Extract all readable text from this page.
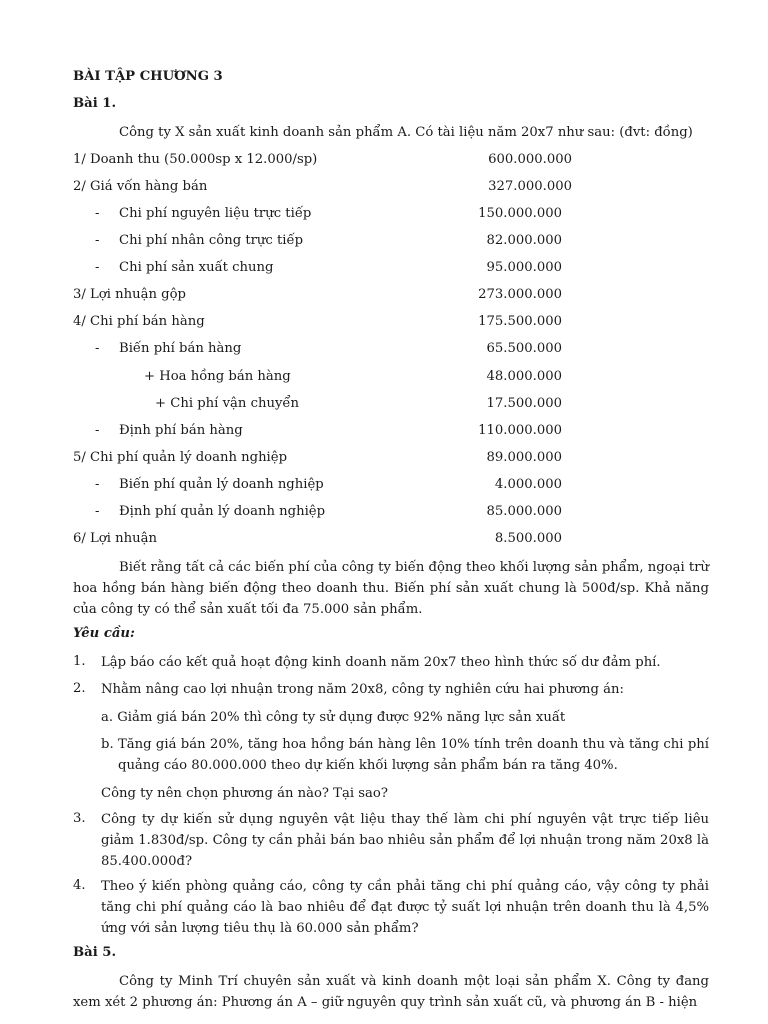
BÀI TẬP CHƯƠNG 3
Bài 1.
Công ty X sản xuất kinh doanh sản phẩm A. Có tài liệu năm 20x7 như sau: (đvt: đồng)
1/ Doanh thu (50.000sp x 12.000/sp)	600.000.000
2/ Giá vốn hàng bán	327.000.000
- Chi phí nguyên liệu trực tiếp	150.000.000
- Chi phí nhân công trực tiếp	82.000.000
- Chi phí sản xuất chung	95.000.000
3/ Lợi nhuận gộp	273.000.000
4/ Chi phí bán hàng	175.500.000
- Biến phí bán hàng	65.500.000
+ Hoa hồng bán hàng	48.000.000
+ Chi phí vận chuyển	17.500.000
- Định phí bán hàng	110.000.000
5/ Chi phí quản lý doanh nghiệp	89.000.000
- Biến phí quản lý doanh nghiệp	4.000.000
- Định phí quản lý doanh nghiệp	85.000.000
6/ Lợi nhuận	8.500.000
Biết rằng tất cả các biến phí của công ty biến động theo khối lượng sản phẩm, ngoại trừ hoa hồng bán hàng biến động theo doanh thu. Biến phí sản xuất chung là 500đ/sp. Khả năng của công ty có thể sản xuất tối đa 75.000 sản phẩm.
Yêu cầu:
1. Lập báo cáo kết quả hoạt động kinh doanh năm 20x7 theo hình thức số dư đảm phí.
2. Nhằm nâng cao lợi nhuận trong năm 20x8, công ty nghiên cứu hai phương án:
a. Giảm giá bán 20% thì công ty sử dụng được 92% năng lực sản xuất
b. Tăng giá bán 20%, tăng hoa hồng bán hàng lên 10% tính trên doanh thu và tăng chi phí quảng cáo 80.000.000 theo dự kiến khối lượng sản phẩm bán ra tăng 40%.
Công ty nên chọn phương án nào? Tại sao?
3. Công ty dự kiến sử dụng nguyên vật liệu thay thế làm chi phí nguyên vật trực tiếp liêu giảm 1.830đ/sp. Công ty cần phải bán bao nhiêu sản phẩm để lợi nhuận trong năm 20x8 là 85.400.000đ?
4. Theo ý kiến phòng quảng cáo, công ty cần phải tăng chi phí quảng cáo, vậy công ty phải tăng chi phí quảng cáo là bao nhiêu để đạt được tỷ suất lợi nhuận trên doanh thu là 4,5% ứng với sản lượng tiêu thụ là 60.000 sản phẩm?
Bài 5.
Công ty Minh Trí chuyên sản xuất và kinh doanh một loại sản phẩm X. Công ty đang xem xét 2 phương án: Phương án A – giữ nguyên quy trình sản xuất cũ, và phương án B - hiện
